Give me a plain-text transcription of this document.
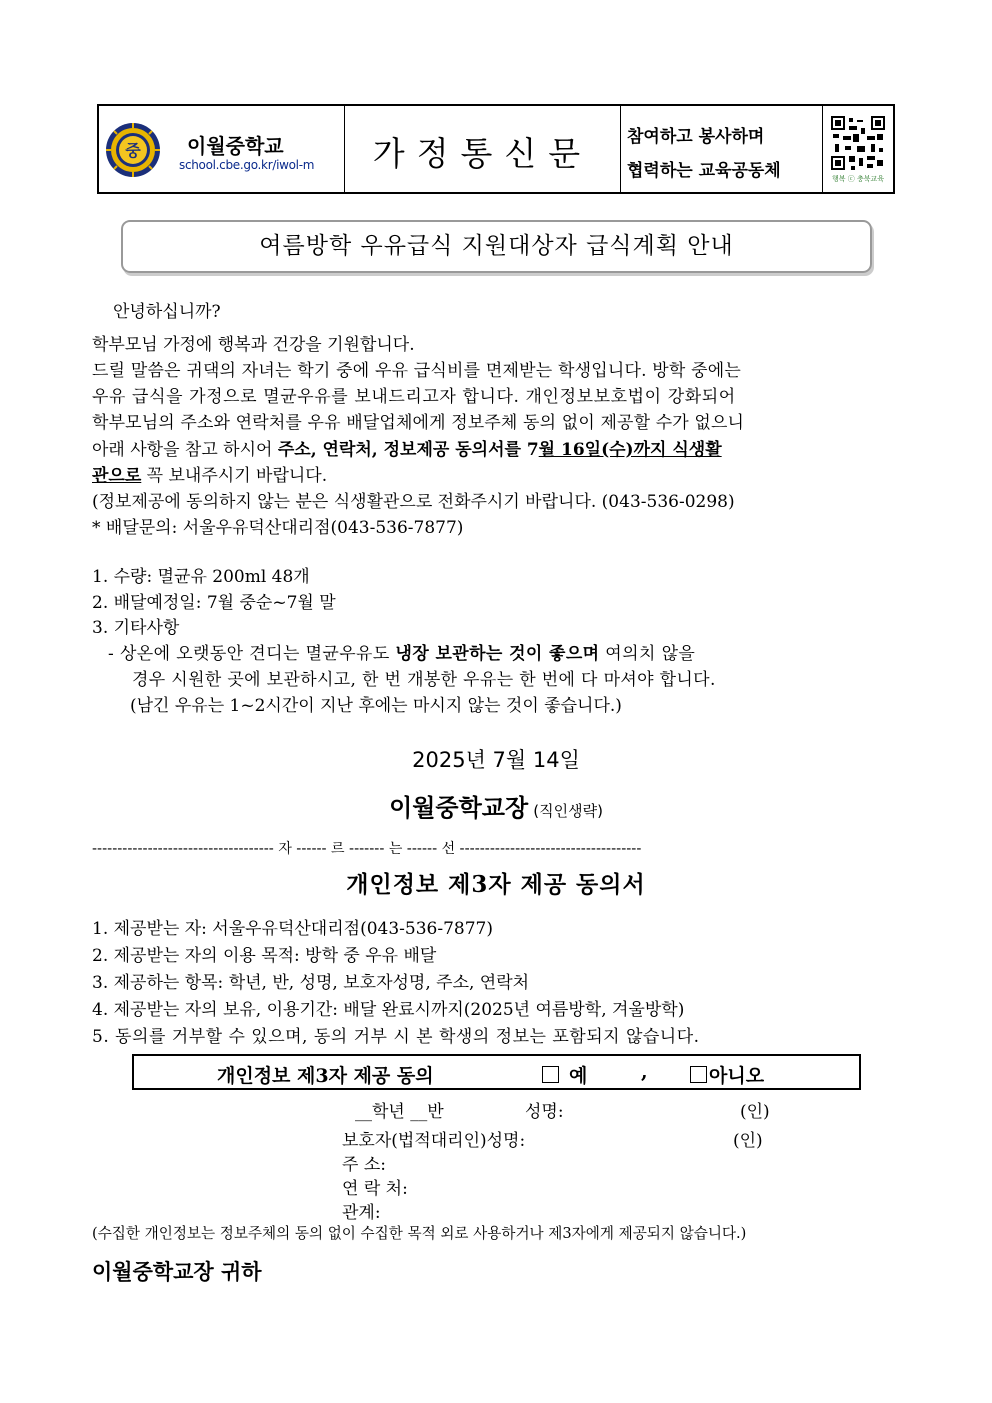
중 이월중학교
school.cbe.go.kr/iwol-m	가정통신문	참여하고 봉사하며
협력하는 교육공동체	행복 ⓒ 충북교육
여름방학 우유급식 지원대상자 급식계획 안내
안녕하십니까?
학부모님 가정에 행복과 건강을 기원합니다.
드릴 말씀은 귀댁의 자녀는 학기 중에 우유 급식비를 면제받는 학생입니다. 방학 중에는
우유 급식을 가정으로 멸균우유를 보내드리고자 합니다. 개인정보보호법이 강화되어
학부모님의 주소와 연락처를 우유 배달업체에게 정보주체 동의 없이 제공할 수가 없으니
아래 사항을 참고 하시어 주소, 연락처, 정보제공 동의서를 7월 16일(수)까지 식생활
관으로 꼭 보내주시기 바랍니다.
(정보제공에 동의하지 않는 분은 식생활관으로 전화주시기 바랍니다. (043-536-0298)
* 배달문의: 서울우유덕산대리점(043-536-7877)
1. 수량: 멸균유 200ml 48개
2. 배달예정일: 7월 중순~7월 말
3. 기타사항
- 상온에 오랫동안 견디는 멸균우유도 냉장 보관하는 것이 좋으며 여의치 않을
경우 시원한 곳에 보관하시고, 한 번 개봉한 우유는 한 번에 다 마셔야 합니다.
(남긴 우유는 1~2시간이 지난 후에는 마시지 않는 것이 좋습니다.)
2025년 7월 14일
이월중학교장 (직인생략)
------------------------------------ 자 ------ 르 ------- 는 ------ 선 ------------------------------------
개인정보 제3자 제공 동의서
1. 제공받는 자: 서울우유덕산대리점(043-536-7877)
2. 제공받는 자의 이용 목적: 방학 중 우유 배달
3. 제공하는 항목: 학년, 반, 성명, 보호자성명, 주소, 연락처
4. 제공받는 자의 보유, 이용기간: 배달 완료시까지(2025년 여름방학, 겨울방학)
5. 동의를 거부할 수 있으며, 동의 거부 시 본 학생의 정보는 포함되지 않습니다.
개인정보 제3자 제공 동의	예	,	아니오
__학년 __반	성명:	(인)
보호자(법적대리인)성명:	(인)
주 소:
연 락 처:
관계:
(수집한 개인정보는 정보주체의 동의 없이 수집한 목적 외로 사용하거나 제3자에게 제공되지 않습니다.)
이월중학교장 귀하
